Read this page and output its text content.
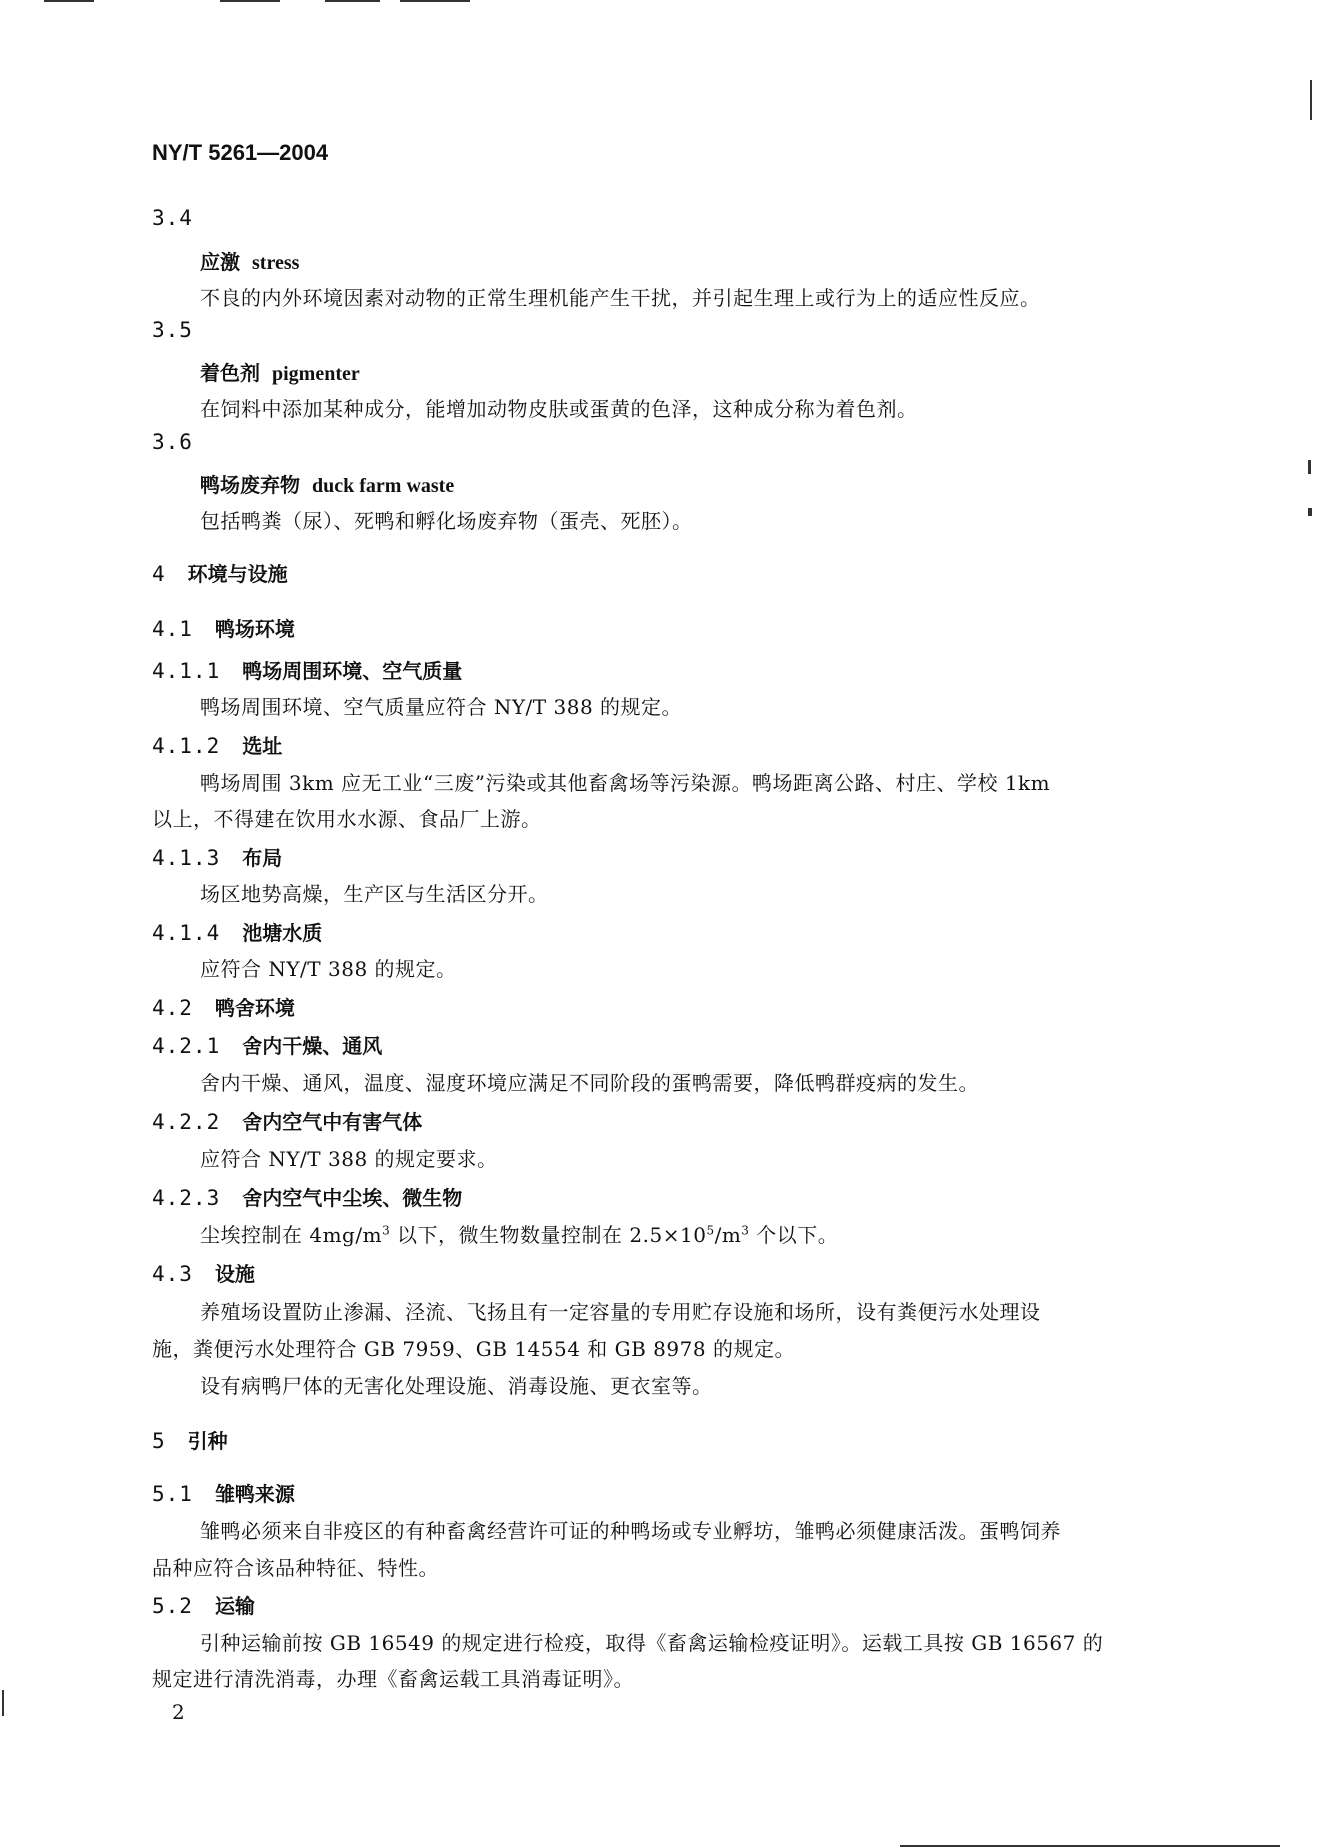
NY/T 5261—2004
3.4
应激 stress
不良的内外环境因素对动物的正常生理机能产生干扰，并引起生理上或行为上的适应性反应。
3.5
着色剂 pigmenter
在饲料中添加某种成分，能增加动物皮肤或蛋黄的色泽，这种成分称为着色剂。
3.6
鸭场废弃物 duck farm waste
包括鸭粪（尿）、死鸭和孵化场废弃物（蛋壳、死胚）。
4 环境与设施
4.1 鸭场环境
4.1.1 鸭场周围环境、空气质量
鸭场周围环境、空气质量应符合 NY/T 388 的规定。
4.1.2 选址
鸭场周围 3km 应无工业“三废”污染或其他畜禽场等污染源。鸭场距离公路、村庄、学校 1km
以上，不得建在饮用水水源、食品厂上游。
4.1.3 布局
场区地势高燥，生产区与生活区分开。
4.1.4 池塘水质
应符合 NY/T 388 的规定。
4.2 鸭舍环境
4.2.1 舍内干燥、通风
舍内干燥、通风，温度、湿度环境应满足不同阶段的蛋鸭需要，降低鸭群疫病的发生。
4.2.2 舍内空气中有害气体
应符合 NY/T 388 的规定要求。
4.2.3 舍内空气中尘埃、微生物
尘埃控制在 $4mg/m^3$ 以下，微生物数量控制在 $2.5\times 10^5/m^3$ 个以下。
4.3 设施
养殖场设置防止渗漏、泾流、飞扬且有一定容量的专用贮存设施和场所，设有粪便污水处理设
施，粪便污水处理符合 GB 7959、GB 14554 和 GB 8978 的规定。
设有病鸭尸体的无害化处理设施、消毒设施、更衣室等。
5 引种
5.1 雏鸭来源
雏鸭必须来自非疫区的有种畜禽经营许可证的种鸭场或专业孵坊，雏鸭必须健康活泼。蛋鸭饲养
品种应符合该品种特征、特性。
5.2 运输
引种运输前按 GB 16549 的规定进行检疫，取得《畜禽运输检疫证明》。运载工具按 GB 16567 的
规定进行清洗消毒，办理《畜禽运载工具消毒证明》。
2
